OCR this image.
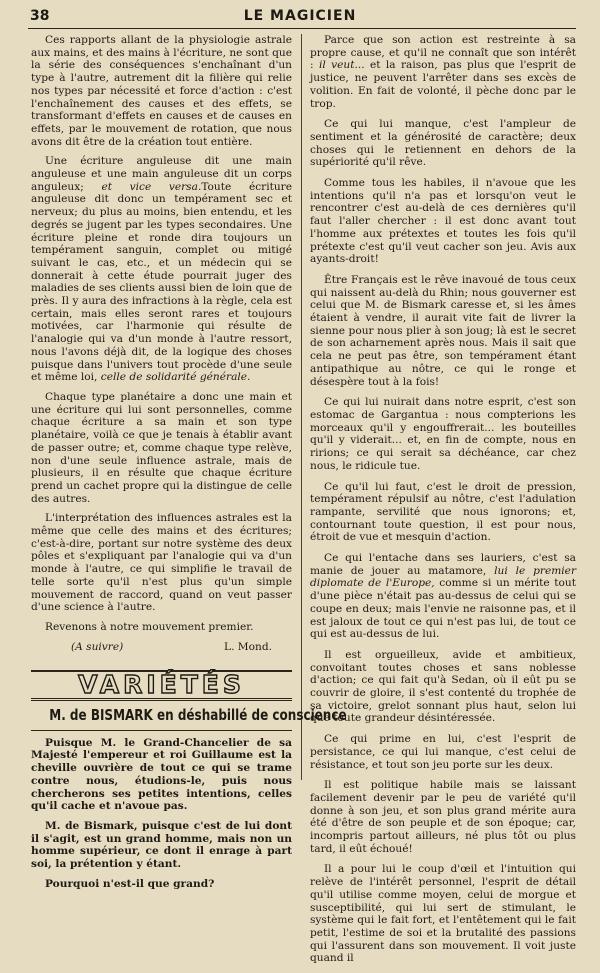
38	LE MAGICIEN

Ces rapports allant de la physiologie astrale aux mains, et des mains à l'écriture, ne sont que la série des conséquences s'enchaînant d'un type à l'autre, autrement dit la filière qui relie nos types par nécessité et force d'action : c'est l'enchaînement des causes et des effets, se transformant d'effets en causes et de causes en effets, par le mouvement de rotation, que nous avons dit être de la création tout entière.

Une écriture anguleuse dit une main anguleuse et une main anguleuse dit un corps anguleux; et vice versa.Toute écriture anguleuse dit donc un tempérament sec et nerveux; du plus au moins, bien entendu, et les degrés se jugent par les types secondaires. Une écriture pleine et ronde dira toujours un tempérament sanguin, complet ou mitigé suivant le cas, etc., et un médecin qui se donnerait à cette étude pourrait juger des maladies de ses clients aussi bien de loin que de près. Il y aura des infractions à la règle, cela est certain, mais elles seront rares et toujours motivées, car l'harmonie qui résulte de l'analogie qui va d'un monde à l'autre ressort, nous l'avons déjà dit, de la logique des choses puisque dans l'univers tout procède d'une seule et même loi, celle de solidarité générale.

Chaque type planétaire a donc une main et une écriture qui lui sont personnelles, comme chaque écriture a sa main et son type planétaire, voilà ce que je tenais à établir avant de passer outre; et, comme chaque type relève, non d'une seule influence astrale, mais de plusieurs, il en résulte que chaque écriture prend un cachet propre qui la distingue de celle des autres.

L'interprétation des influences astrales est la même que celle des mains et des écritures; c'est-à-dire, portant sur notre système des deux pôles et s'expliquant par l'analogie qui va d'un monde à l'autre, ce qui simplifie le travail de telle sorte qu'il n'est plus qu'un simple mouvement de raccord, quand on veut passer d'une science à l'autre.

Revenons à notre mouvement premier.

(A suivre)	L. Mond.
VARIÉTÉS
M. de BISMARK en déshabillé de conscience

Puisque M. le Grand-Chancelier de sa Majesté l'empereur et roi Guillaume est la cheville ouvrière de tout ce qui se trame contre nous, étudions-le, puis nous chercherons ses petites intentions, celles qu'il cache et n'avoue pas.

M. de Bismark, puisque c'est de lui dont il s'agit, est un grand homme, mais non un homme supérieur, ce dont il enrage à part soi, la prétention y étant.

Pourquoi n'est-il que grand?

Parce que son action est restreinte à sa propre cause, et qu'il ne connaît que son intérêt : il veut... et la raison, pas plus que l'esprit de justice, ne peuvent l'arrêter dans ses excès de volition. En fait de volonté, il pèche donc par le trop.

Ce qui lui manque, c'est l'ampleur de sentiment et la générosité de caractère; deux choses qui le retiennent en dehors de la supériorité qu'il rêve.

Comme tous les habiles, il n'avoue que les intentions qu'il n'a pas et lorsqu'on veut le rencontrer c'est au-delà de ces dernières qu'il faut l'aller chercher : il est donc avant tout l'homme aux prétextes et toutes les fois qu'il prétexte c'est qu'il veut cacher son jeu. Avis aux ayants-droit!

Être Français est le rêve inavoué de tous ceux qui naissent au-delà du Rhin; nous gouverner est celui que M. de Bismark caresse et, si les âmes étaient à vendre, il aurait vite fait de livrer la sienne pour nous plier à son joug; là est le secret de son acharnement après nous. Mais il sait que cela ne peut pas être, son tempérament étant antipathique au nôtre, ce qui le ronge et désespère tout à la fois!

Ce qui lui nuirait dans notre esprit, c'est son estomac de Gargantua : nous compterions les morceaux qu'il y engouffrerait... les bouteilles qu'il y viderait... et, en fin de compte, nous en ririons; ce qui serait sa déchéance, car chez nous, le ridicule tue.

Ce qu'il lui faut, c'est le droit de pression, tempérament répulsif au nôtre, c'est l'adulation rampante, servilité que nous ignorons; et, contournant toute question, il est pour nous, étroit de vue et mesquin d'action.

Ce qui l'entache dans ses lauriers, c'est sa manie de jouer au matamore, lui le premier diplomate de l'Europe, comme si un mérite tout d'une pièce n'était pas au-dessus de celui qui se coupe en deux; mais l'envie ne raisonne pas, et il est jaloux de tout ce qui n'est pas lui, de tout ce qui est au-dessus de lui.

Il est orgueilleux, avide et ambitieux, convoitant toutes choses et sans noblesse d'action; ce qui fait qu'à Sedan, où il eût pu se couvrir de gloire, il s'est contenté du trophée de sa victoire, grelot sonnant plus haut, selon lui que toute grandeur désintéressée.

Ce qui prime en lui, c'est l'esprit de persistance, ce qui lui manque, c'est celui de résistance, et tout son jeu porte sur les deux.

Il est politique habile mais se laissant facilement devenir par le peu de variété qu'il donne à son jeu, et son plus grand mérite aura été d'être de son peuple et de son époque; car, incompris partout ailleurs, né plus tôt ou plus tard, il eût échoué!

Il a pour lui le coup d'œil et l'intuition qui relève de l'intérêt personnel, l'esprit de détail qu'il utilise comme moyen, celui de morgue et susceptibilité, qui lui sert de stimulant, le système qui le fait fort, et l'entêtement qui le fait petit, l'estime de soi et la brutalité des passions qui l'assurent dans son mouvement. Il voit juste quand il
